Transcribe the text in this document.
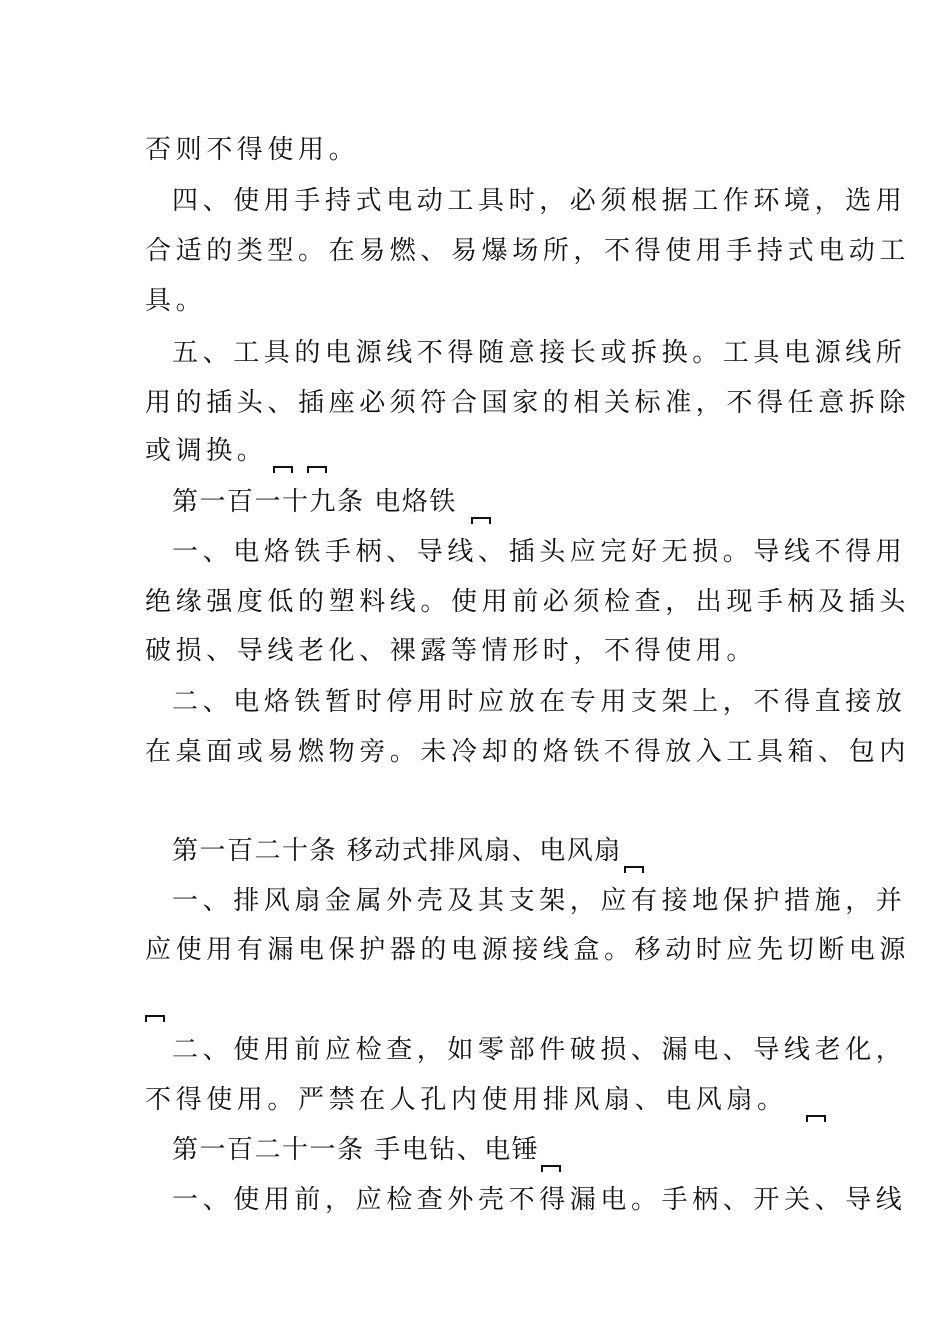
否则不得使用。
四、使用手持式电动工具时，必须根据工作环境，选用
合适的类型。在易燃、易爆场所，不得使用手持式电动工
具。
五、工具的电源线不得随意接长或拆换。工具电源线所
用的插头、插座必须符合国家的相关标准，不得任意拆除
或调换。
第一百一十九条 电烙铁
一、电烙铁手柄、导线、插头应完好无损。导线不得用
绝缘强度低的塑料线。使用前必须检查，出现手柄及插头
破损、导线老化、裸露等情形时，不得使用。
二、电烙铁暂时停用时应放在专用支架上，不得直接放
在桌面或易燃物旁。未冷却的烙铁不得放入工具箱、包内
第一百二十条 移动式排风扇、电风扇
一、排风扇金属外壳及其支架，应有接地保护措施，并
应使用有漏电保护器的电源接线盒。移动时应先切断电源
二、使用前应检查，如零部件破损、漏电、导线老化，
不得使用。严禁在人孔内使用排风扇、电风扇。
第一百二十一条 手电钻、电锤
一、使用前，应检查外壳不得漏电。手柄、开关、导线
